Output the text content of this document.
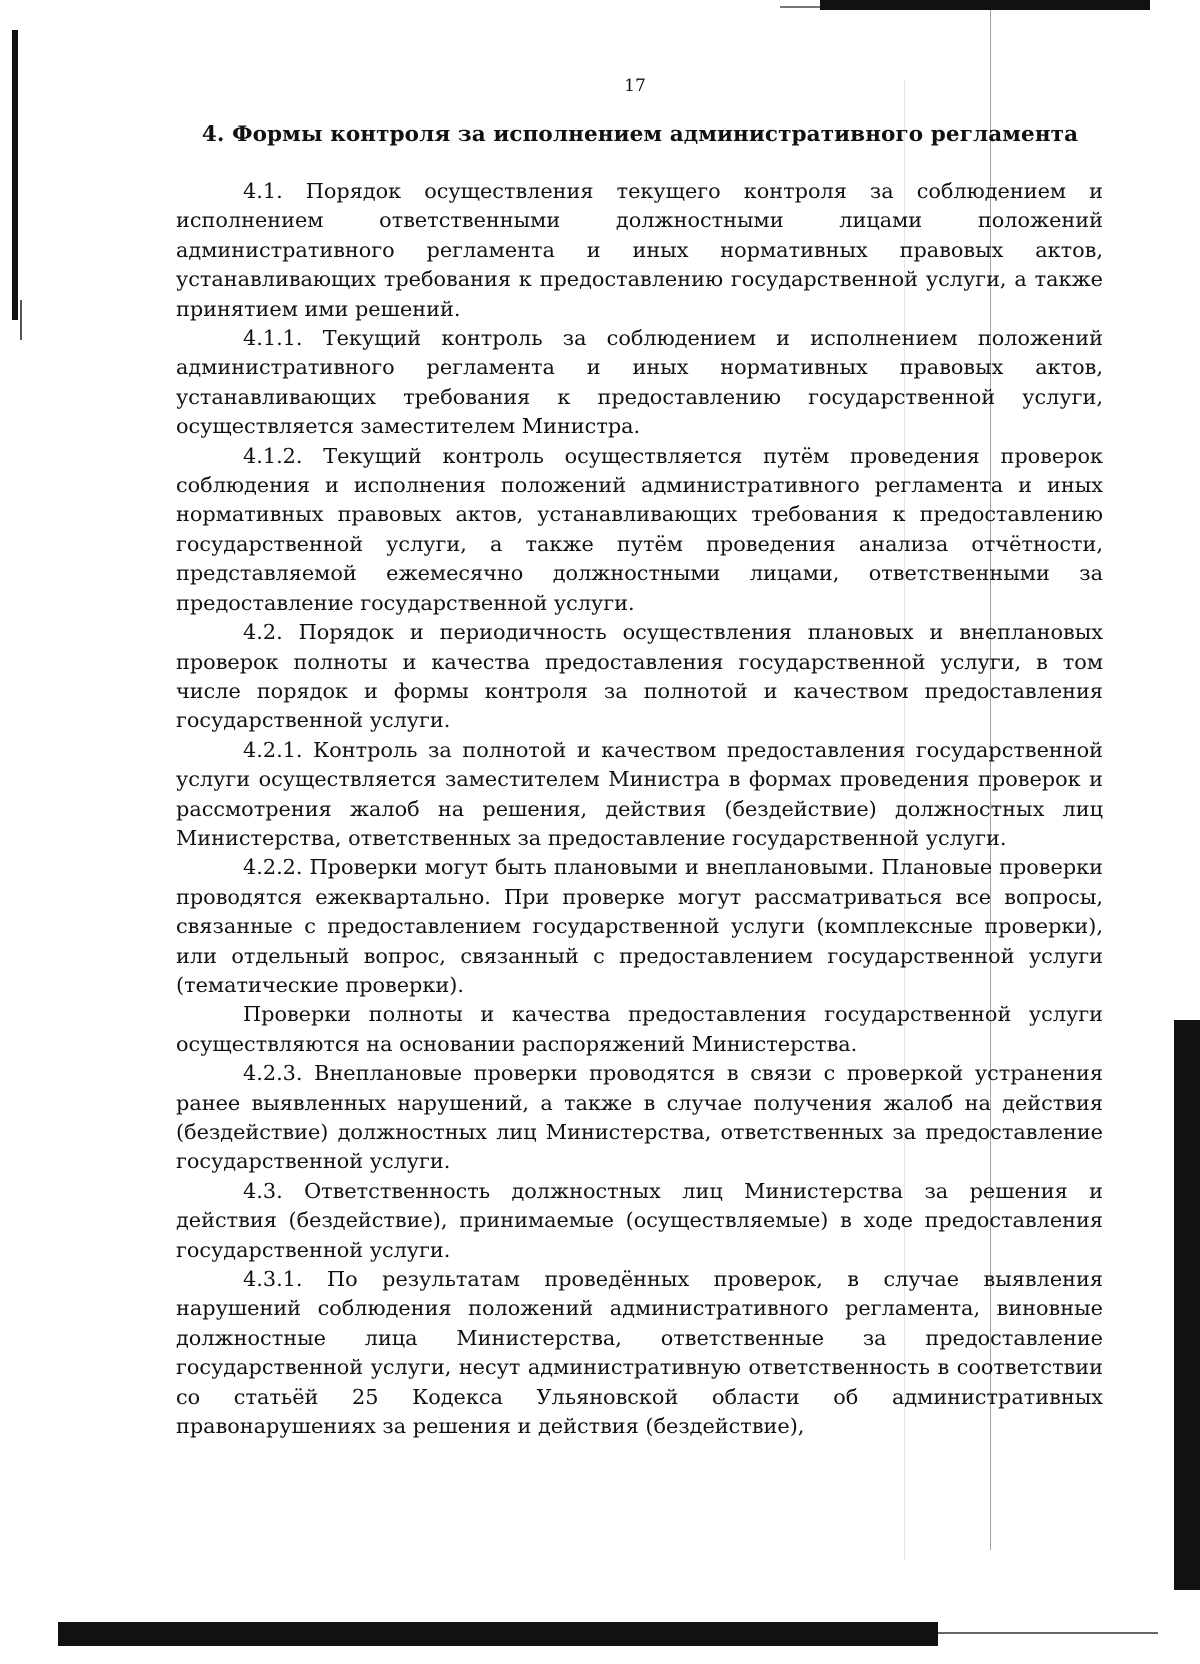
17
4. Формы контроля за исполнением административного регламента

4.1. Порядок осуществления текущего контроля за соблюдением и исполнением ответственными должностными лицами положений административного регламента и иных нормативных правовых актов, устанавливающих требования к предоставлению государственной услуги, а также принятием ими решений.

4.1.1. Текущий контроль за соблюдением и исполнением положений административного регламента и иных нормативных правовых актов, устанавливающих требования к предоставлению государственной услуги, осуществляется заместителем Министра.

4.1.2. Текущий контроль осуществляется путём проведения проверок соблюдения и исполнения положений административного регламента и иных нормативных правовых актов, устанавливающих требования к предоставлению государственной услуги, а также путём проведения анализа отчётности, представляемой ежемесячно должностными лицами, ответственными за предоставление государственной услуги.

4.2. Порядок и периодичность осуществления плановых и внеплановых проверок полноты и качества предоставления государственной услуги, в том числе порядок и формы контроля за полнотой и качеством предоставления государственной услуги.

4.2.1. Контроль за полнотой и качеством предоставления государственной услуги осуществляется заместителем Министра в формах проведения проверок и рассмотрения жалоб на решения, действия (бездействие) должностных лиц Министерства, ответственных за предоставление государственной услуги.

4.2.2. Проверки могут быть плановыми и внеплановыми. Плановые проверки проводятся ежеквартально. При проверке могут рассматриваться все вопросы, связанные с предоставлением государственной услуги (комплексные проверки), или отдельный вопрос, связанный с предоставлением государственной услуги (тематические проверки).

Проверки полноты и качества предоставления государственной услуги осуществляются на основании распоряжений Министерства.

4.2.3. Внеплановые проверки проводятся в связи с проверкой устранения ранее выявленных нарушений, а также в случае получения жалоб на действия (бездействие) должностных лиц Министерства, ответственных за предоставление государственной услуги.

4.3. Ответственность должностных лиц Министерства за решения и действия (бездействие), принимаемые (осуществляемые) в ходе предоставления государственной услуги.

4.3.1. По результатам проведённых проверок, в случае выявления нарушений соблюдения положений административного регламента, виновные должностные лица Министерства, ответственные за предоставление государственной услуги, несут административную ответственность в соответствии со статьёй 25 Кодекса Ульяновской области об административных правонарушениях за решения и действия (бездействие),
